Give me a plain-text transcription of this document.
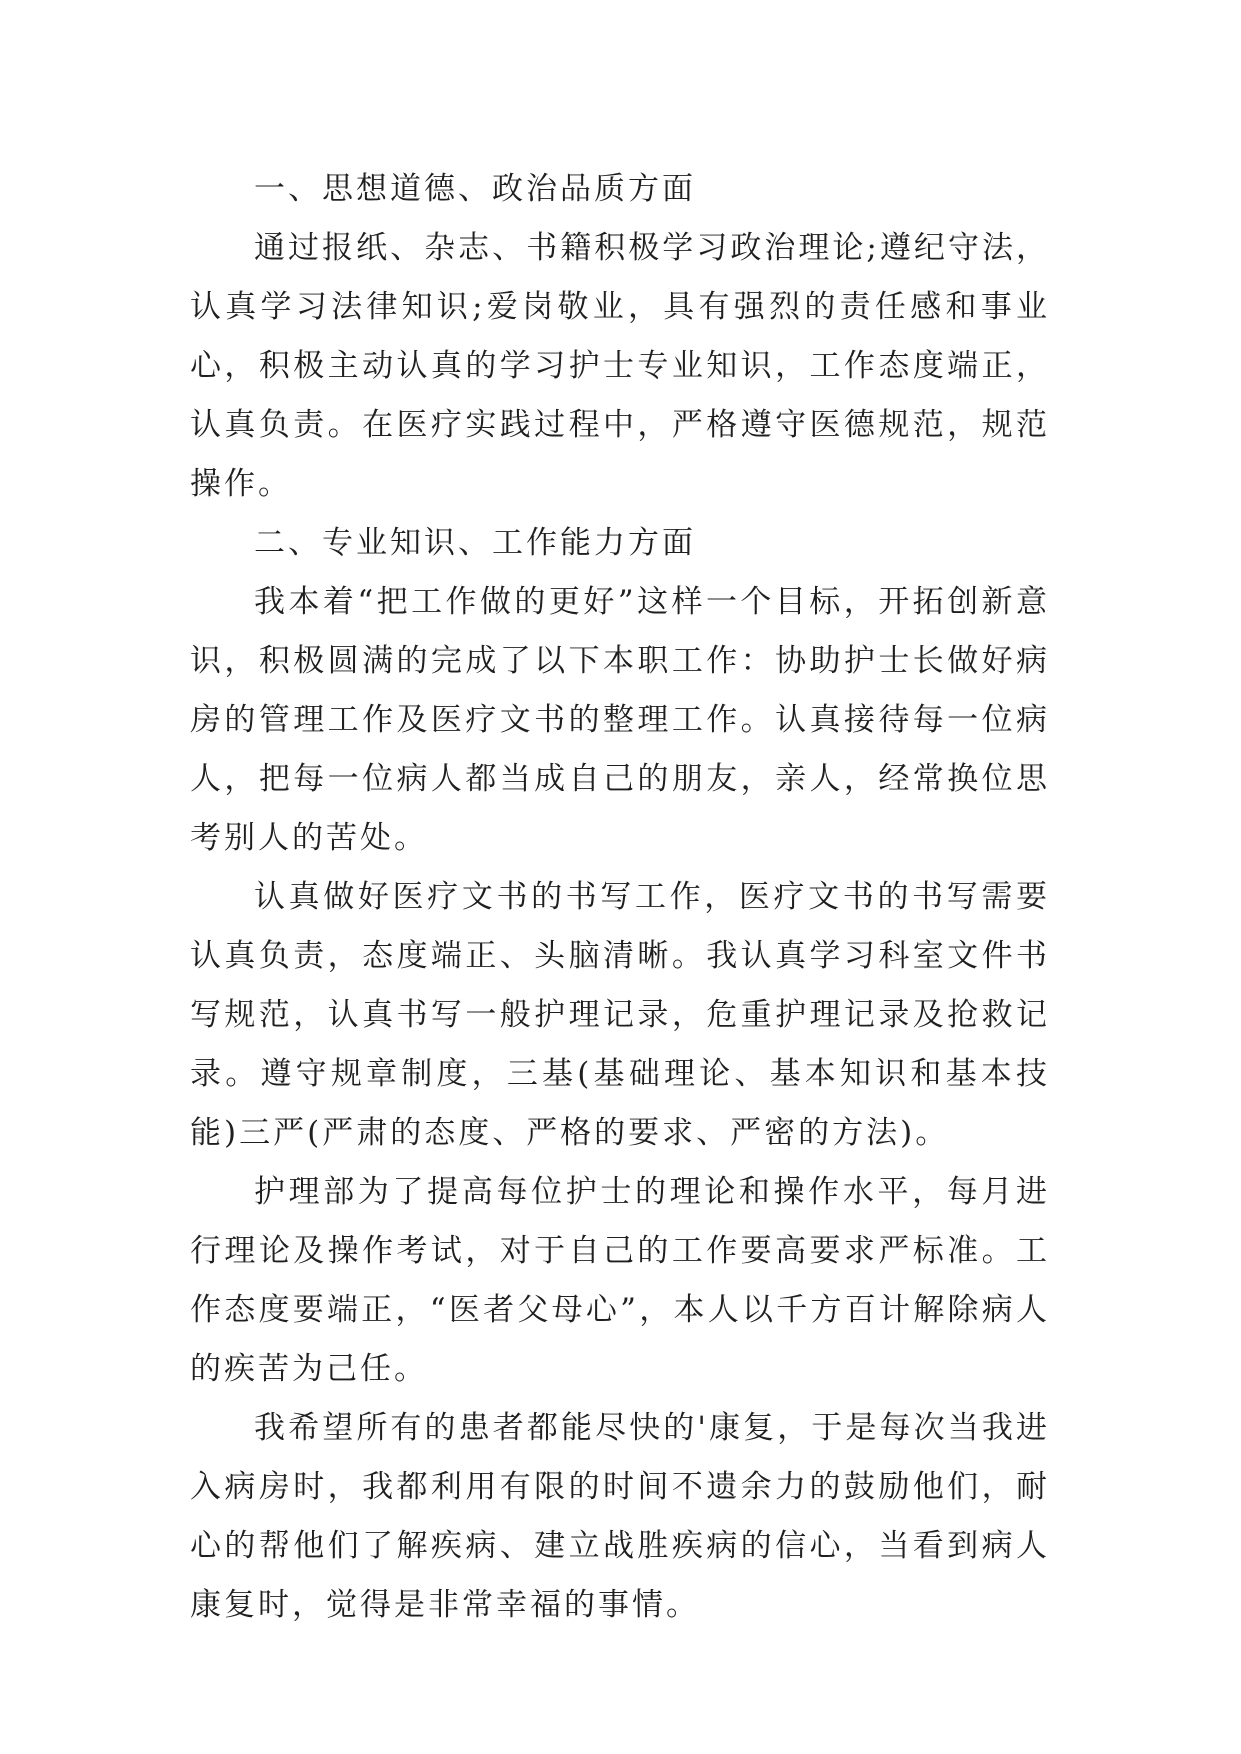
一、思想道德、政治品质方面

通过报纸、杂志、书籍积极学习政治理论;遵纪守法，认真学习法律知识;爱岗敬业，具有强烈的责任感和事业心，积极主动认真的学习护士专业知识，工作态度端正，认真负责。在医疗实践过程中，严格遵守医德规范，规范操作。

二、专业知识、工作能力方面

我本着“把工作做的更好”这样一个目标，开拓创新意识，积极圆满的完成了以下本职工作：协助护士长做好病房的管理工作及医疗文书的整理工作。认真接待每一位病人，把每一位病人都当成自己的朋友，亲人，经常换位思考别人的苦处。

认真做好医疗文书的书写工作，医疗文书的书写需要认真负责，态度端正、头脑清晰。我认真学习科室文件书写规范，认真书写一般护理记录，危重护理记录及抢救记录。遵守规章制度，三基(基础理论、基本知识和基本技能)三严(严肃的态度、严格的要求、严密的方法)。

护理部为了提高每位护士的理论和操作水平，每月进行理论及操作考试，对于自己的工作要高要求严标准。工作态度要端正，“医者父母心”，本人以千方百计解除病人的疾苦为己任。

我希望所有的患者都能尽快的'康复，于是每次当我进入病房时，我都利用有限的时间不遗余力的鼓励他们，耐心的帮他们了解疾病、建立战胜疾病的信心，当看到病人康复时，觉得是非常幸福的事情。
